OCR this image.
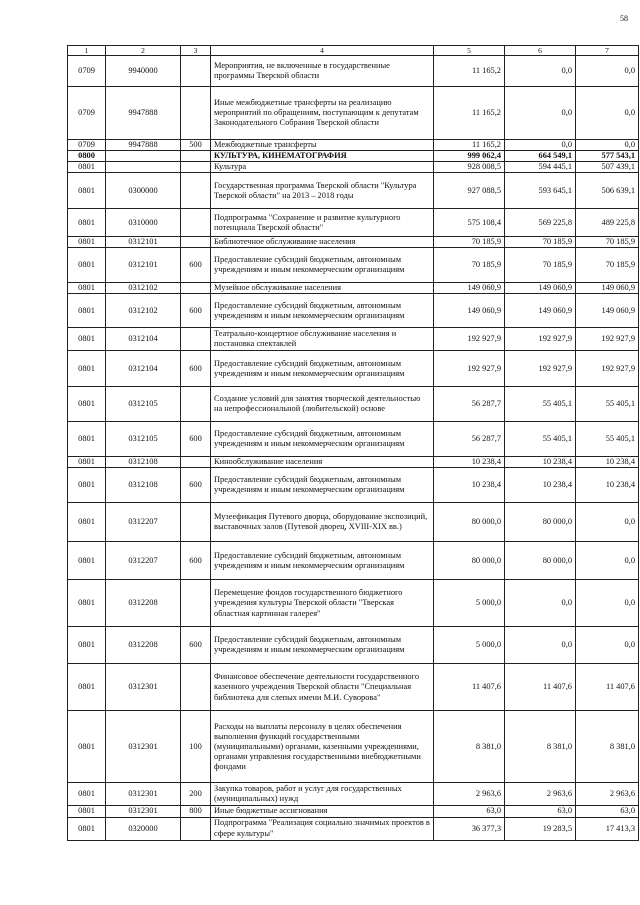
58
1	2	3	4	5	6	7
0709	9940000		Мероприятия, не включенные в государственные программы Тверской области	11 165,2	0,0	0,0
0709	9947888		Иные межбюджетные трансферты на реализацию мероприятий по обращениям, поступающим к депутатам Законодательного Собрания Тверской области	11 165,2	0,0	0,0
0709	9947888	500	Межбюджетные трансферты	11 165,2	0,0	0,0
0800			КУЛЬТУРА, КИНЕМАТОГРАФИЯ	999 062,4	664 549,1	577 543,1
0801			Культура	928 008,5	594 445,1	507 439,1
0801	0300000		Государственная программа Тверской области "Культура Тверской области" на 2013 – 2018 годы	927 088,5	593 645,1	506 639,1
0801	0310000		Подпрограмма "Сохранение и развитие культурного потенциала Тверской области"	575 108,4	569 225,8	489 225,8
0801	0312101		Библиотечное обслуживание населения	70 185,9	70 185,9	70 185,9
0801	0312101	600	Предоставление субсидий бюджетным, автономным учреждениям и иным некоммерческим организациям	70 185,9	70 185,9	70 185,9
0801	0312102		Музейное обслуживание населения	149 060,9	149 060,9	149 060,9
0801	0312102	600	Предоставление субсидий бюджетным, автономным учреждениям и иным некоммерческим организациям	149 060,9	149 060,9	149 060,9
0801	0312104		Театрально-концертное обслуживание населения и постановка спектаклей	192 927,9	192 927,9	192 927,9
0801	0312104	600	Предоставление субсидий бюджетным, автономным учреждениям и иным некоммерческим организациям	192 927,9	192 927,9	192 927,9
0801	0312105		Создание условий для занятия творческой деятельностью на непрофессиональной (любительской) основе	56 287,7	55 405,1	55 405,1
0801	0312105	600	Предоставление субсидий бюджетным, автономным учреждениям и иным некоммерческим организациям	56 287,7	55 405,1	55 405,1
0801	0312108		Кинообслуживание населения	10 238,4	10 238,4	10 238,4
0801	0312108	600	Предоставление субсидий бюджетным, автономным учреждениям и иным некоммерческим организациям	10 238,4	10 238,4	10 238,4
0801	0312207		Музеефикация Путевого дворца, оборудование экспозиций, выставочных залов (Путевой дворец, XVIII-XIX вв.)	80 000,0	80 000,0	0,0
0801	0312207	600	Предоставление субсидий бюджетным, автономным учреждениям и иным некоммерческим организациям	80 000,0	80 000,0	0,0
0801	0312208		Перемещение фондов государственного бюджетного учреждения культуры Тверской области "Тверская областная картинная галерея"	5 000,0	0,0	0,0
0801	0312208	600	Предоставление субсидий бюджетным, автономным учреждениям и иным некоммерческим организациям	5 000,0	0,0	0,0
0801	0312301		Финансовое обеспечение деятельности государственного казенного учреждения Тверской области "Специальная библиотека для слепых имени М.И. Суворова"	11 407,6	11 407,6	11 407,6
0801	0312301	100	Расходы на выплаты персоналу в целях обеспечения выполнения функций государственными (муниципальными) органами, казенными учреждениями, органами управления государственными внебюджетными фондами	8 381,0	8 381,0	8 381,0
0801	0312301	200	Закупка товаров, работ и услуг для государственных (муниципальных) нужд	2 963,6	2 963,6	2 963,6
0801	0312301	800	Иные бюджетные ассигнования	63,0	63,0	63,0
0801	0320000		Подпрограмма "Реализация социально значимых проектов в сфере культуры"	36 377,3	19 283,5	17 413,3
